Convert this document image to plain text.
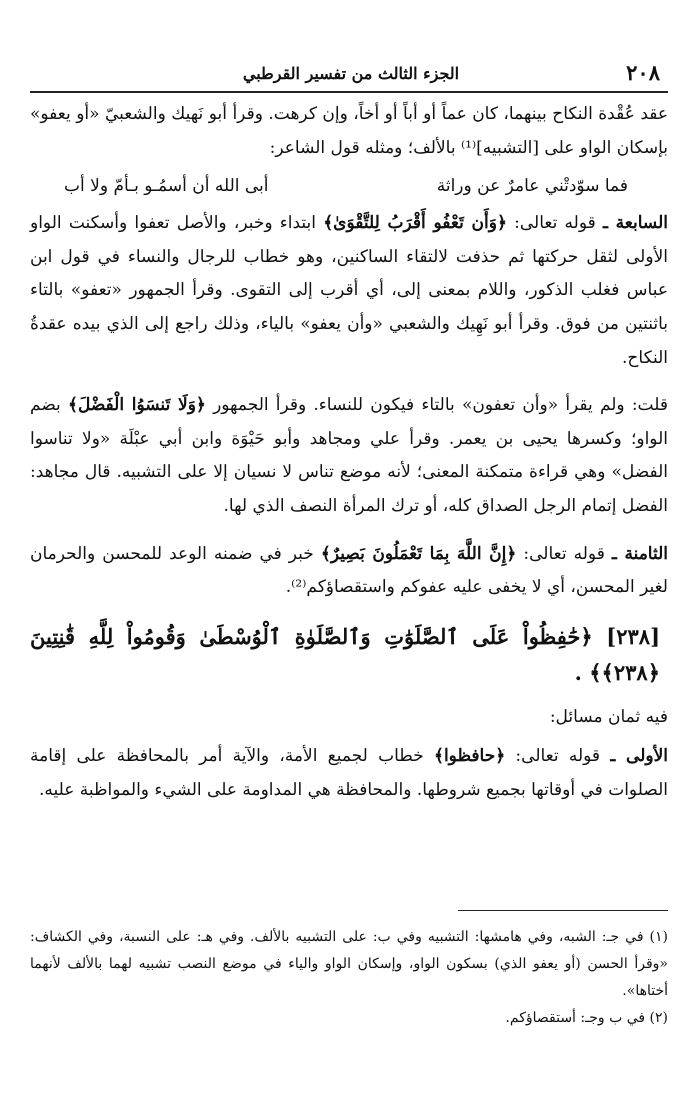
٢٠٨
الجزء الثالث من تفسير القرطبي

عقد عُقْدة النكاح بينهما، كان عماً أو أباً أو أخاً، وإن كرهت. وقرأ أبو نَهيك والشعبيّ «أو يعفو» بإسكان الواو على [التشبيه]⁽¹⁾ بالألف؛ ومثله قول الشاعر:

فما سوّدتْني عامرٌ عن وراثة
أبى الله أن أسمُـو بـأمّ ولا أب

السابعة ـ قوله تعالى: ﴿وَأَن تَعْفُو أَقْرَبُ لِلتَّقْوَىٰ﴾ ابتداء وخبر، والأصل تعفوا وأسكنت الواو الأولى لثقل حركتها ثم حذفت لالتقاء الساكنين، وهو خطاب للرجال والنساء في قول ابن عباس فغلب الذكور، واللام بمعنى إلى، أي أقرب إلى التقوى. وقرأ الجمهور «تعفو» بالتاء باثنتين من فوق. وقرأ أبو نَهِيك والشعبي «وأن يعفو» بالياء، وذلك راجع إلى الذي بيده عقدةُ النكاح.

قلت: ولم يقرأ «وأن تعفون» بالتاء فيكون للنساء. وقرأ الجمهور ﴿وَلَا تَنسَوُا الْفَضْلَ﴾ بضم الواو؛ وكسرها يحيى بن يعمر. وقرأ علي ومجاهد وأبو حَيْوَة وابن أبي عبْلَة «ولا تناسوا الفضل» وهي قراءة متمكنة المعنى؛ لأنه موضع تناس لا نسيان إلا على التشبيه. قال مجاهد: الفضل إتمام الرجل الصداق كله، أو ترك المرأة النصف الذي لها.

الثامنة ـ قوله تعالى: ﴿إِنَّ اللَّهَ بِمَا تَعْمَلُونَ بَصِيرٌ﴾ خبر في ضمنه الوعد للمحسن والحرمان لغير المحسن، أي لا يخفى عليه عفوكم واستقصاؤكم⁽²⁾.

[٢٣٨] ﴿حَٰفِظُواْ عَلَى ٱلصَّلَوَٰتِ وَٱلصَّلَوٰةِ ٱلْوُسْطَىٰ وَقُومُواْ لِلَّهِ قَٰنِتِينَ ﴿٢٣٨﴾﴾ .

فيه ثمان مسائل:

الأولى ـ قوله تعالى: ﴿حافظوا﴾ خطاب لجميع الأمة، والآية أمر بالمحافظة على إقامة الصلوات في أوقاتها بجميع شروطها. والمحافظة هي المداومة على الشيء والمواظبة عليه.

(١) في جـ: الشبه، وفي هامشها: التشبيه وفي ب: على التشبيه بالألف. وفي هـ: على النسبة، وفي الكشاف: «وقرأ الحسن (أو يعفو الذي) بسكون الواو، وإسكان الواو والياء في موضع النصب تشبيه لهما بالألف لأنهما أختاها».

(٢) في ب وجـ: أستقصاؤكم.
